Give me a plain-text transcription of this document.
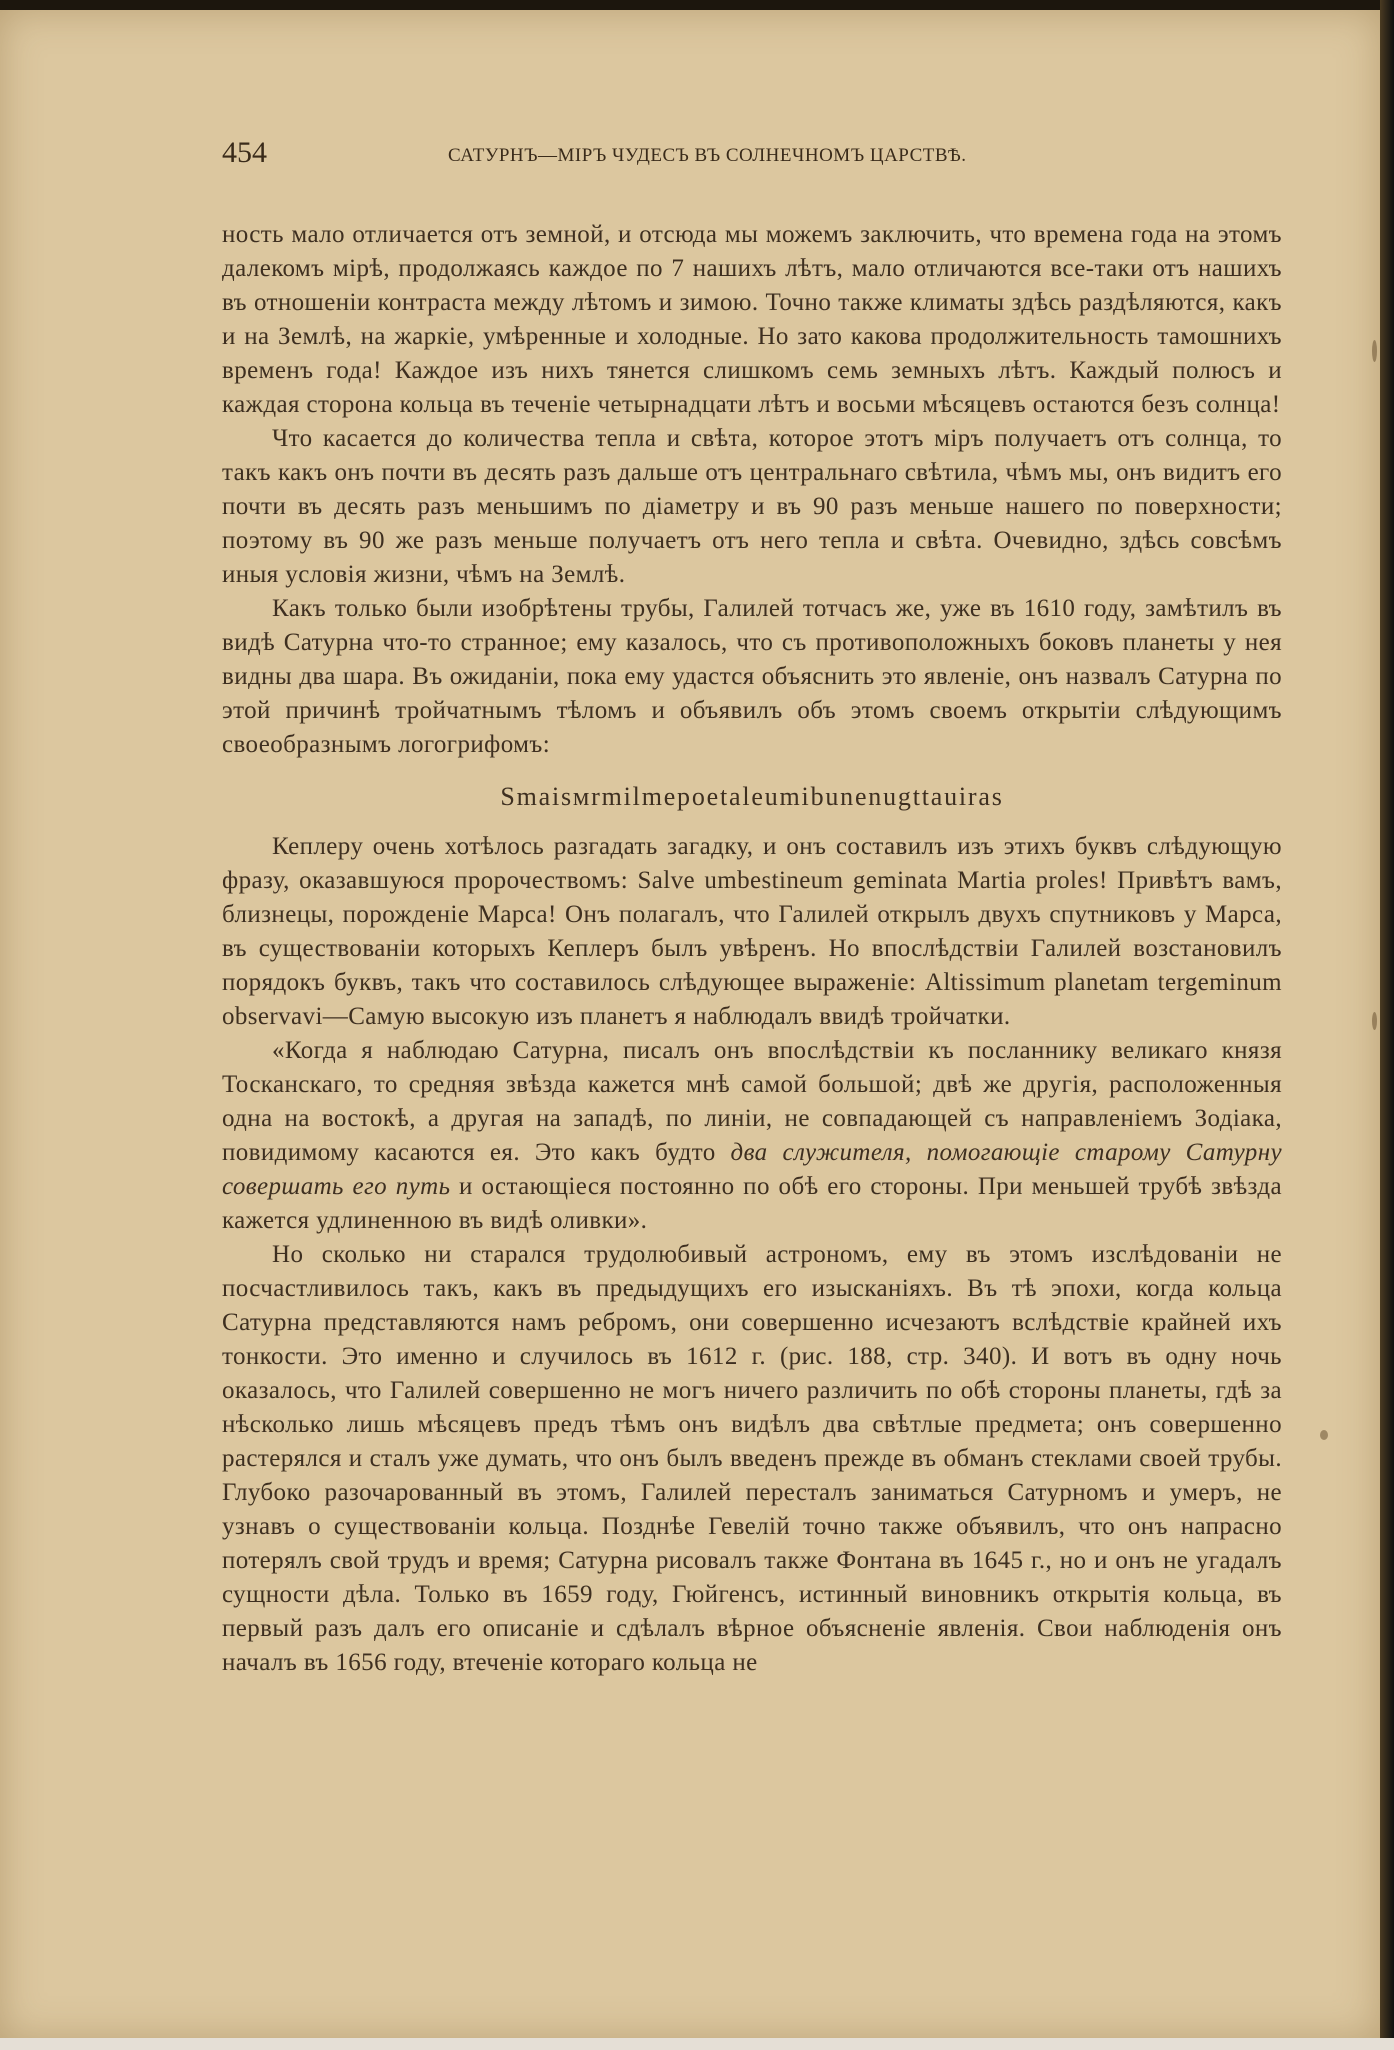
454	САТУРНЪ—МІРЪ ЧУДЕСЪ ВЪ СОЛНЕЧНОМЪ ЦАРСТВѢ.

ность мало отличается отъ земной, и отсюда мы можемъ заключить, что времена года на этомъ далекомъ мірѣ, продолжаясь каждое по 7 нашихъ лѣтъ, мало отличаются все-таки отъ нашихъ въ отношеніи контраста между лѣтомъ и зимою. Точно также климаты здѣсь раздѣляются, какъ и на Землѣ, на жаркіе, умѣренные и холодные. Но зато какова продолжительность тамошнихъ временъ года! Каждое изъ нихъ тянется слишкомъ семь земныхъ лѣтъ. Каждый полюсъ и каждая сторона кольца въ теченіе четырнадцати лѣтъ и восьми мѣсяцевъ остаются безъ солнца!

Что касается до количества тепла и свѣта, которое этотъ міръ получаетъ отъ солнца, то такъ какъ онъ почти въ десять разъ дальше отъ центральнаго свѣтила, чѣмъ мы, онъ видитъ его почти въ десять разъ меньшимъ по діаметру и въ 90 разъ меньше нашего по поверхности; поэтому въ 90 же разъ меньше получаетъ отъ него тепла и свѣта. Очевидно, здѣсь совсѣмъ иныя условія жизни, чѣмъ на Землѣ.

Какъ только были изобрѣтены трубы, Галилей тотчасъ же, уже въ 1610 году, замѣтилъ въ видѣ Сатурна что-то странное; ему казалось, что съ противоположныхъ боковъ планеты у нея видны два шара. Въ ожиданіи, пока ему удастся объяснить это явленіе, онъ назвалъ Сатурна по этой причинѣ тройчатнымъ тѣломъ и объявилъ объ этомъ своемъ открытіи слѣдующимъ своеобразнымъ логогрифомъ:

Smaisмrmilmepoetaleumibunenugttauiras

Кеплеру очень хотѣлось разгадать загадку, и онъ составилъ изъ этихъ буквъ слѣдующую фразу, оказавшуюся пророчествомъ: Salve umbestineum geminata Martia proles! Привѣтъ вамъ, близнецы, порожденіе Марса! Онъ полагалъ, что Галилей открылъ двухъ спутниковъ у Марса, въ существованіи которыхъ Кеплеръ былъ увѣренъ. Но впослѣдствіи Галилей возстановилъ порядокъ буквъ, такъ что составилось слѣдующее выраженіе: Altissimum planetam tergeminum observavi—Самую высокую изъ планетъ я наблюдалъ ввидѣ тройчатки.

«Когда я наблюдаю Сатурна, писалъ онъ впослѣдствіи къ посланнику великаго князя Тосканскаго, то средняя звѣзда кажется мнѣ самой большой; двѣ же другія, расположенныя одна на востокѣ, а другая на западѣ, по линіи, не совпадающей съ направленіемъ Зодіака, повидимому касаются ея. Это какъ будто два служителя, помогающіе старому Сатурну совершать его путь и остающіеся постоянно по обѣ его стороны. При меньшей трубѣ звѣзда кажется удлиненною въ видѣ оливки».

Но сколько ни старался трудолюбивый астрономъ, ему въ этомъ изслѣдованіи не посчастливилось такъ, какъ въ предыдущихъ его изысканіяхъ. Въ тѣ эпохи, когда кольца Сатурна представляются намъ ребромъ, они совершенно исчезаютъ вслѣдствіе крайней ихъ тонкости. Это именно и случилось въ 1612 г. (рис. 188, стр. 340). И вотъ въ одну ночь оказалось, что Галилей совершенно не могъ ничего различить по обѣ стороны планеты, гдѣ за нѣсколько лишь мѣсяцевъ предъ тѣмъ онъ видѣлъ два свѣтлые предмета; онъ совершенно растерялся и сталъ уже думать, что онъ былъ введенъ прежде въ обманъ стеклами своей трубы. Глубоко разочарованный въ этомъ, Галилей пересталъ заниматься Сатурномъ и умеръ, не узнавъ о существованіи кольца. Позднѣе Гевелій точно также объявилъ, что онъ напрасно потерялъ свой трудъ и время; Сатурна рисовалъ также Фонтана въ 1645 г., но и онъ не угадалъ сущности дѣла. Только въ 1659 году, Гюйгенсъ, истинный виновникъ открытія кольца, въ первый разъ далъ его описаніе и сдѣлалъ вѣрное объясненіе явленія. Свои наблюденія онъ началъ въ 1656 году, втеченіе котораго кольца не
